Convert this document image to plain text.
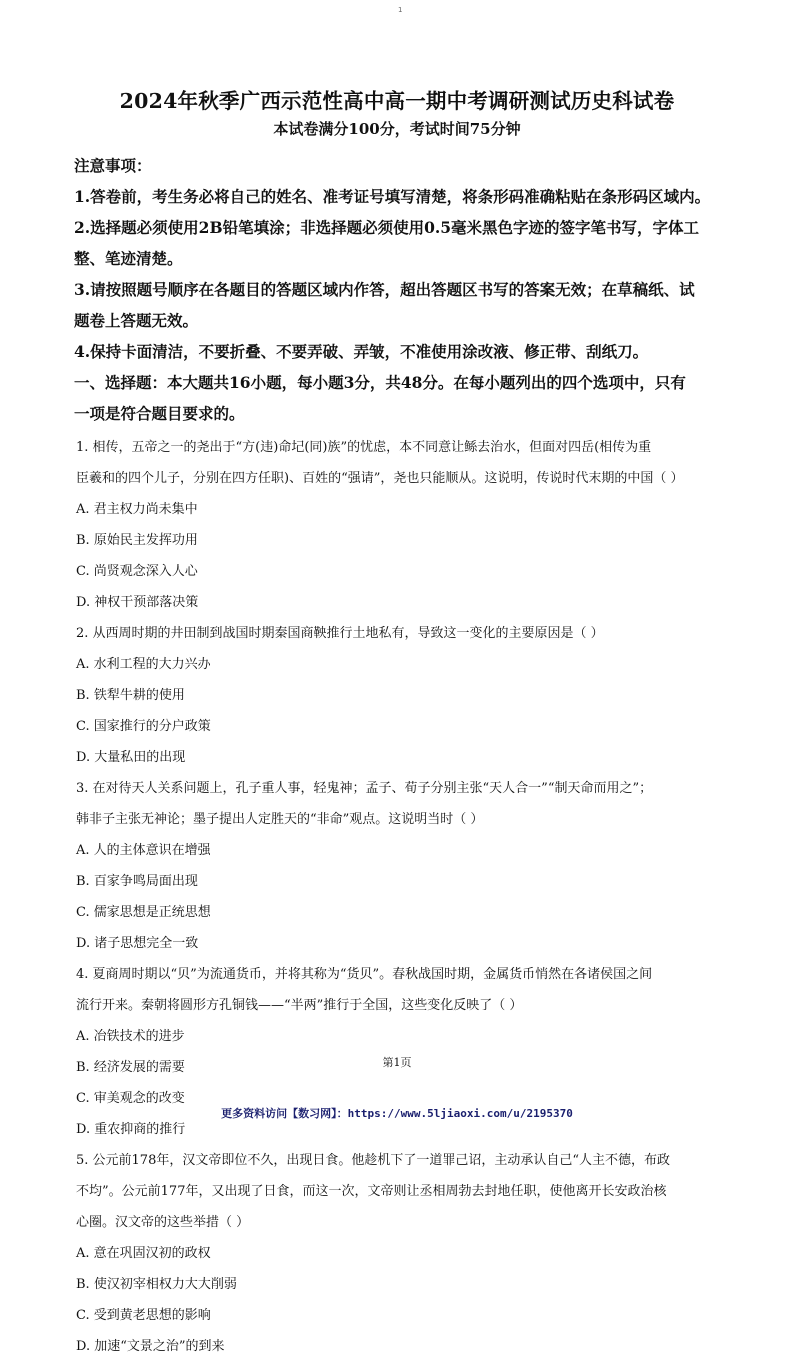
1
2024年秋季广西示范性高中高一期中考调研测试历史科试卷
本试卷满分100分，考试时间75分钟
注意事项：
1.答卷前，考生务必将自己的姓名、准考证号填写清楚，将条形码准确粘贴在条形码区域内。
2.选择题必须使用2B铅笔填涂；非选择题必须使用0.5毫米黑色字迹的签字笔书写，字体工
整、笔迹清楚。
3.请按照题号顺序在各题目的答题区域内作答，超出答题区书写的答案无效；在草稿纸、试
题卷上答题无效。
4.保持卡面清洁，不要折叠、不要弄破、弄皱，不准使用涂改液、修正带、刮纸刀。
一、选择题：本大题共16小题，每小题3分，共48分。在每小题列出的四个选项中，只有
一项是符合题目要求的。
1. 相传，五帝之一的尧出于“方(违)命圮(同)族”的忧虑，本不同意让鲧去治水，但面对四岳(相传为重
臣羲和的四个儿子，分别在四方任职)、百姓的“强请”，尧也只能顺从。这说明，传说时代末期的中国（ ）
A. 君主权力尚未集中
B. 原始民主发挥功用
C. 尚贤观念深入人心
D. 神权干预部落决策
2. 从西周时期的井田制到战国时期秦国商鞅推行土地私有，导致这一变化的主要原因是（ ）
A. 水利工程的大力兴办
B. 铁犁牛耕的使用
C. 国家推行的分户政策
D. 大量私田的出现
3. 在对待天人关系问题上，孔子重人事，轻鬼神；孟子、荀子分别主张“天人合一”“制天命而用之”；
韩非子主张无神论；墨子提出人定胜天的“非命”观点。这说明当时（ ）
A. 人的主体意识在增强
B. 百家争鸣局面出现
C. 儒家思想是正统思想
D. 诸子思想完全一致
4. 夏商周时期以“贝”为流通货币，并将其称为“货贝”。春秋战国时期，金属货币悄然在各诸侯国之间
流行开来。秦朝将圆形方孔铜钱——“半两”推行于全国，这些变化反映了（ ）
A. 冶铁技术的进步
B. 经济发展的需要
C. 审美观念的改变
D. 重农抑商的推行
5. 公元前178年，汉文帝即位不久，出现日食。他趁机下了一道罪己诏，主动承认自己“人主不德，布政
不均”。公元前177年，又出现了日食，而这一次，文帝则让丞相周勃去封地任职，使他离开长安政治核
心圈。汉文帝的这些举措（ ）
A. 意在巩固汉初的政权
B. 使汉初宰相权力大大削弱
C. 受到黄老思想的影响
D. 加速“文景之治”的到来
第1页
更多资料访问【数习网】：https://www.5ljiaoxi.com/u/2195370
